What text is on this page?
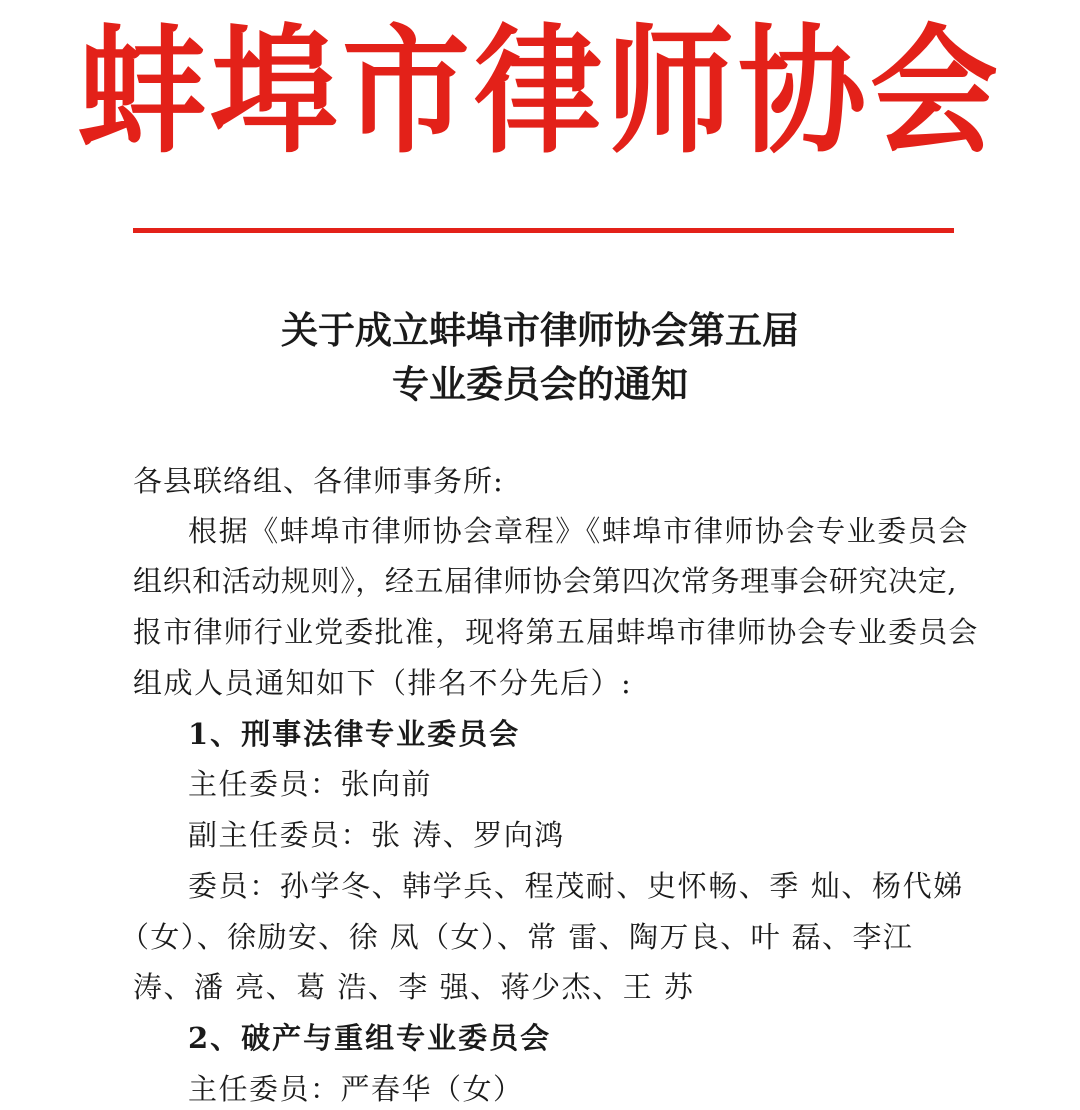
蚌埠市律师协会
关于成立蚌埠市律师协会第五届
专业委员会的通知
各县联络组、各律师事务所:
根据《蚌埠市律师协会章程》《蚌埠市律师协会专业委员会
组织和活动规则》，经五届律师协会第四次常务理事会研究决定,
报市律师行业党委批准，现将第五届蚌埠市律师协会专业委员会
组成人员通知如下（排名不分先后）:
1、刑事法律专业委员会
主任委员：张向前
副主任委员：张 涛、罗向鸿
委员：孙学冬、韩学兵、程茂耐、史怀畅、季 灿、杨代娣
（女）、徐励安、徐 凤（女）、常 雷、陶万良、叶 磊、李江
涛、潘 亮、葛 浩、李 强、蒋少杰、王 苏
2、破产与重组专业委员会
主任委员：严春华（女）
